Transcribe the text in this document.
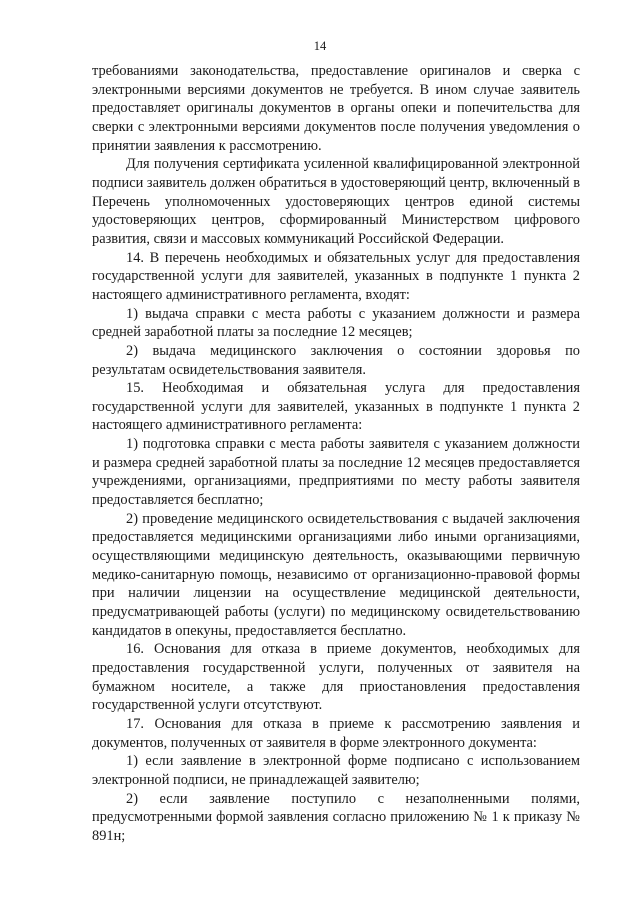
14

требованиями законодательства, предоставление оригиналов и сверка с электронными версиями документов не требуется. В ином случае заявитель предоставляет оригиналы документов в органы опеки и попечительства для сверки с электронными версиями документов после получения уведомления о принятии заявления к рассмотрению.

Для получения сертификата усиленной квалифицированной электронной подписи заявитель должен обратиться в удостоверяющий центр, включенный в Перечень уполномоченных удостоверяющих центров единой системы удостоверяющих центров, сформированный Министерством цифрового развития, связи и массовых коммуникаций Российской Федерации.

14. В перечень необходимых и обязательных услуг для предоставления государственной услуги для заявителей, указанных в подпункте 1 пункта 2 настоящего административного регламента, входят:

1) выдача справки с места работы с указанием должности и размера средней заработной платы за последние 12 месяцев;

2) выдача медицинского заключения о состоянии здоровья по результатам освидетельствования заявителя.

15. Необходимая и обязательная услуга для предоставления государственной услуги для заявителей, указанных в подпункте 1 пункта 2 настоящего административного регламента:

1) подготовка справки с места работы заявителя с указанием должности и размера средней заработной платы за последние 12 месяцев предоставляется учреждениями, организациями, предприятиями по месту работы заявителя предоставляется бесплатно;

2) проведение медицинского освидетельствования с выдачей заключения предоставляется медицинскими организациями либо иными организациями, осуществляющими медицинскую деятельность, оказывающими первичную медико-санитарную помощь, независимо от организационно-правовой формы при наличии лицензии на осуществление медицинской деятельности, предусматривающей работы (услуги) по медицинскому освидетельствованию кандидатов в опекуны, предоставляется бесплатно.

16. Основания для отказа в приеме документов, необходимых для предоставления государственной услуги, полученных от заявителя на бумажном носителе, а также для приостановления предоставления государственной услуги отсутствуют.

17. Основания для отказа в приеме к рассмотрению заявления и документов, полученных от заявителя в форме электронного документа:

1) если заявление в электронной форме подписано с использованием электронной подписи, не принадлежащей заявителю;

2) если заявление поступило с незаполненными полями, предусмотренными формой заявления согласно приложению № 1 к приказу № 891н;
